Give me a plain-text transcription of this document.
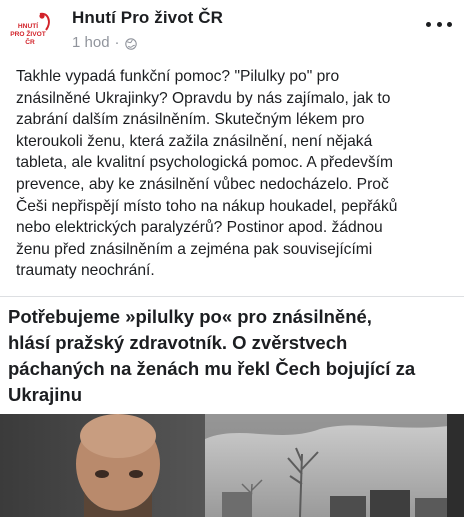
HNUTÍ
PRO ŽIVOT
ČR
Hnutí Pro život ČR
1 hod ·
Takhle vypadá funkční pomoc? "Pilulky po" pro
znásilněné Ukrajinky? Opravdu by nás zajímalo, jak to
zabrání dalším znásilněním. Skutečným lékem pro
kteroukoli ženu, která zažila znásilnění, není nějaká
tableta, ale kvalitní psychologická pomoc. A především
prevence, aby ke znásilnění vůbec nedocházelo. Proč
Češi nepřispějí místo toho na nákup houkadel, pepřáků
nebo elektrických paralyzérů? Postinor apod. žádnou
ženu před znásilněním a zejména pak souvisejícími
traumaty neochrání.
Potřebujeme »pilulky po« pro znásilněné,
hlásí pražský zdravotník. O zvěrstvech
páchaných na ženách mu řekl Čech bojující za
Ukrajinu
